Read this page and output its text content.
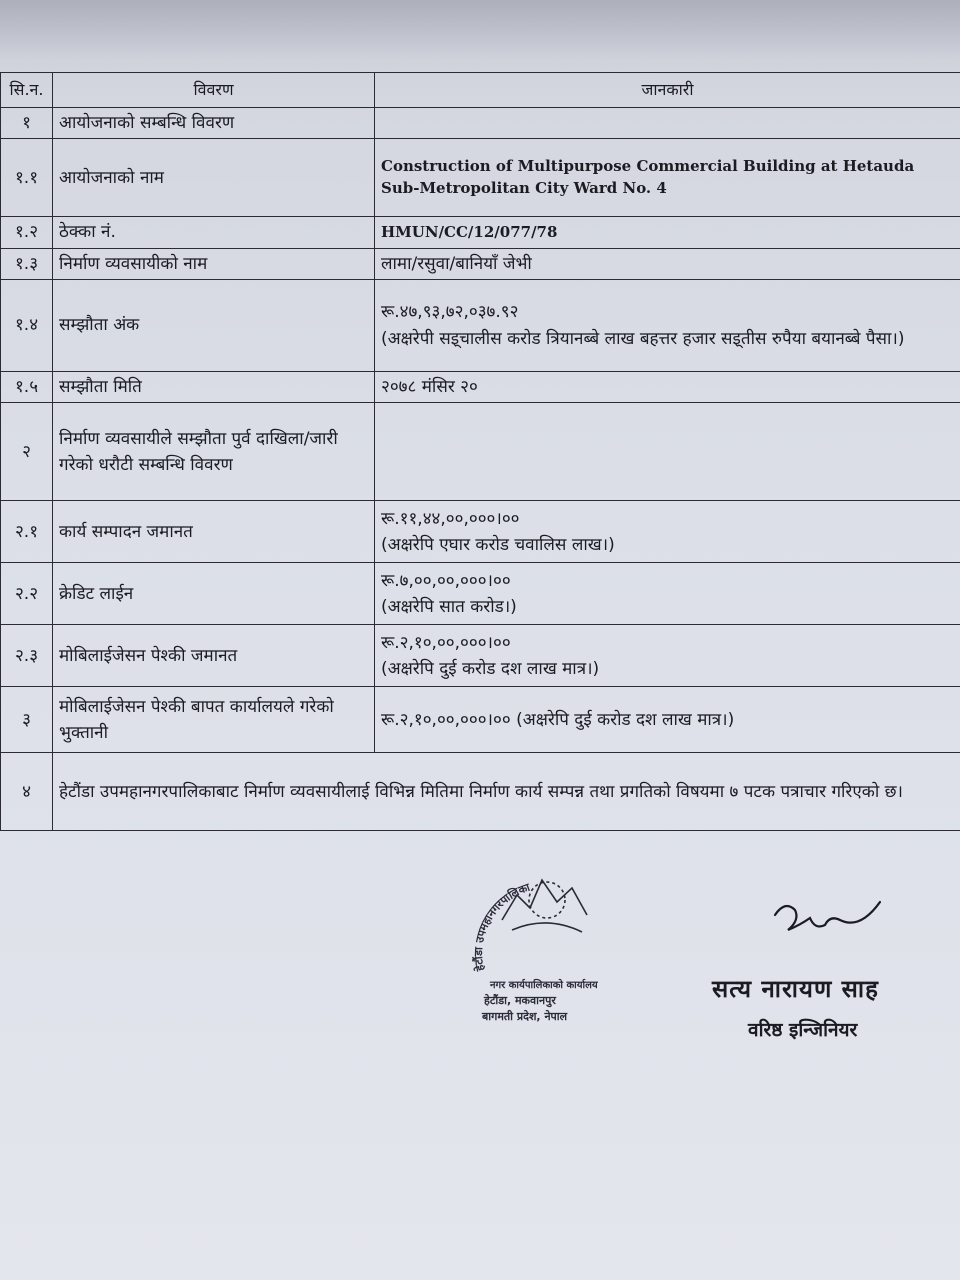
सि.न.	विवरण	जानकारी
१	आयोजनाको सम्बन्धि विवरण	
१.१	आयोजनाको नाम	Construction of Multipurpose Commercial Building at Hetauda Sub-Metropolitan City Ward No. 4
१.२	ठेक्का नं.	HMUN/CC/12/077/78
१.३	निर्माण व्यवसायीको नाम	लामा/रसुवा/बानियाँ जेभी
१.४	सम्झौता अंक	रू.४७,९३,७२,०३७.९२
(अक्षरेपी सइ्चालीस करोड त्रियानब्बे लाख बहत्तर हजार सइ्तीस रुपैया बयानब्बे पैसा।)

१.५	सम्झौता मिति	२०७८ मंसिर २०
२	निर्माण व्यवसायीले सम्झौता पुर्व दाखिला/जारी गरेको धरौटी सम्बन्धि विवरण	
२.१	कार्य सम्पादन जमानत	रू.११,४४,००,०००।००
(अक्षरेपि एघार करोड चवालिस लाख।)

२.२	क्रेडिट लाईन	रू.७,००,००,०००।००
(अक्षरेपि सात करोड।)

२.३	मोबिलाईजेसन पेश्की जमानत	रू.२,१०,००,०००।००
(अक्षरेपि दुई करोड दश लाख मात्र।)

३	मोबिलाईजेसन पेश्की बापत कार्यालयले गरेको भुक्तानी	रू.२,१०,००,०००।०० (अक्षरेपि दुई करोड दश लाख मात्र।)
४	हेटौंडा उपमहानगरपालिकाबाट निर्माण व्यवसायीलाई विभिन्न मितिमा निर्माण कार्य सम्पन्न तथा प्रगतिको विषयमा ७ पटक पत्राचार गरिएको छ।	
हेटौंडा उपमहानगरपालिका
नगर कार्यपालिकाको कार्यालय
हेटौंडा, मकवानपुर
बागमती प्रदेश, नेपाल
सत्य नारायण साह
वरिष्ठ इन्जिनियर
